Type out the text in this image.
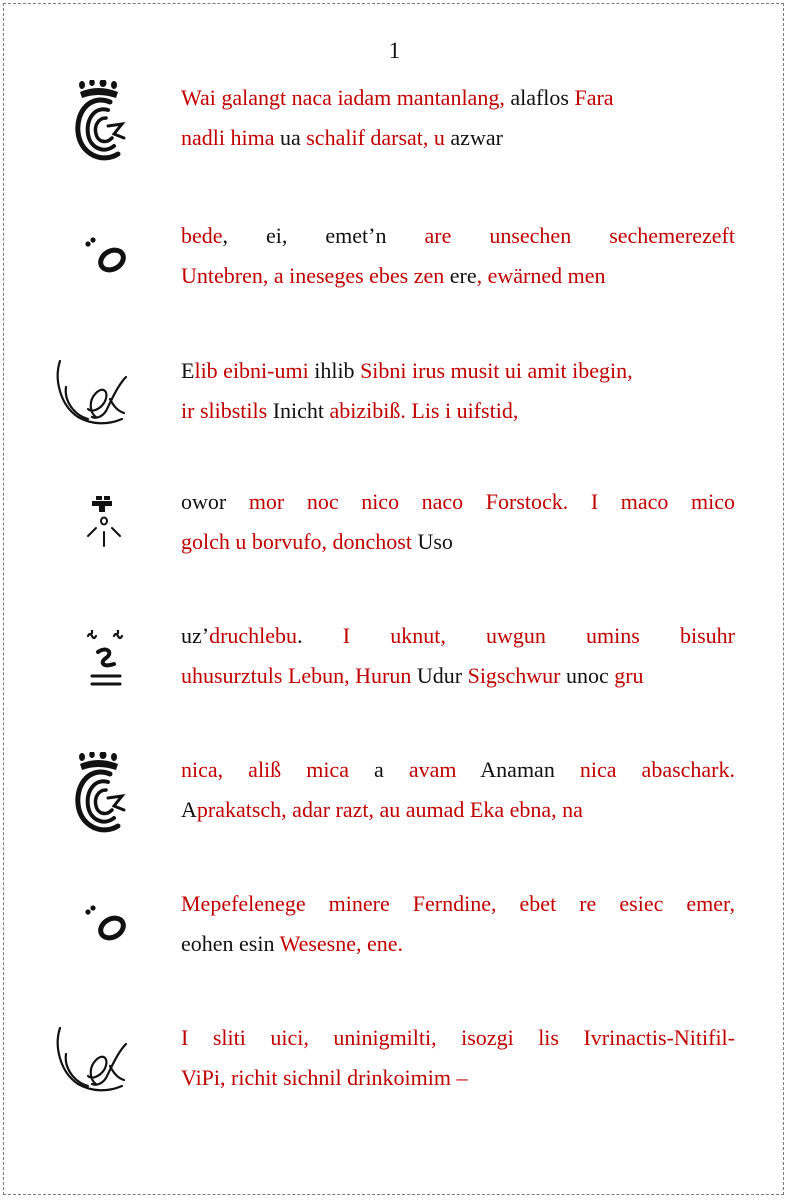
1
Wai galangt naca iadam mantanlang, alaflos Fara
nadli hima ua schalif darsat, u azwar
bede, ei, emet’n are unsechen sechemerezeft
Untebren, a ineseges ebes zen ere, ewärned men
Elib eibni-umi ihlib Sibni irus musit ui amit ibegin,
ir slibstils Inicht abizibiß. Lis i uifstid,
owor mor noc nico naco Forstock. I maco mico
golch u borvufo, donchost Uso
uz’druchlebu. I uknut, uwgun umins bisuhr
uhusurztuls Lebun, Hurun Udur Sigschwur unoc gru
nica, aliß mica a avam Anaman nica abaschark.
Aprakatsch, adar razt, au aumad Eka ebna, na
Mepefelenege minere Ferndine, ebet re esiec emer,
eohen esin Wesesne, ene.
I sliti uici, uninigmilti, isozgi lis Ivrinactis-Nitifil-
ViPi, richit sichnil drinkoimim –
